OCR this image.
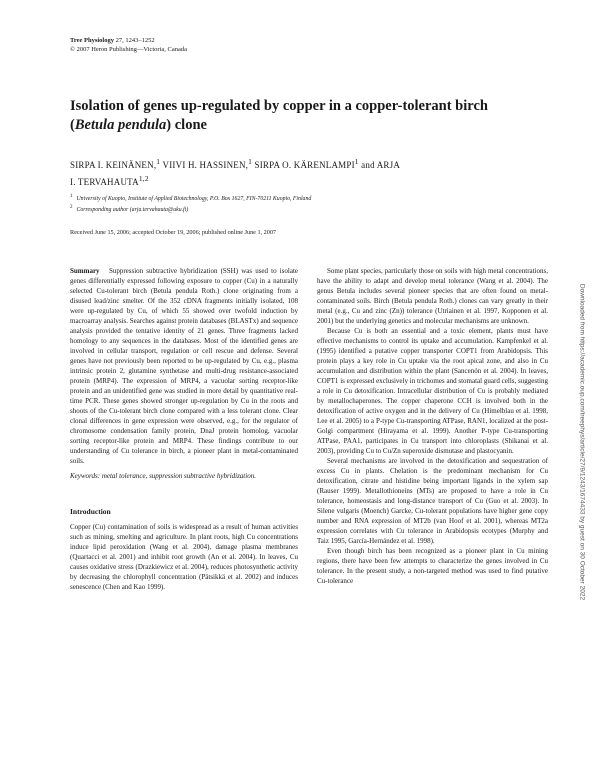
Tree Physiology 27, 1243–1252
© 2007 Heron Publishing—Victoria, Canada
Isolation of genes up-regulated by copper in a copper-tolerant birch
(Betula pendula) clone
SIRPA I. KEINÄNEN,$^1$ VIIVI H. HASSINEN,$^1$ SIRPA O. KÄRENLAMPI$^1$ and ARJA
I. TERVAHAUTA$^{1,2}$
$^1$ University of Kuopio, Institute of Applied Biotechnology, P.O. Box 1627, FIN-70211 Kuopio, Finland
$^2$ Corresponding author (arja.tervahauta@uku.fi)
Received June 15, 2006; accepted October 19, 2006; published online June 1, 2007

Summary Suppression subtractive hybridization (SSH) was used to isolate genes differentially expressed following exposure to copper (Cu) in a naturally selected Cu-tolerant birch (Betula pendula Roth.) clone originating from a disused lead/zinc smelter. Of the 352 cDNA fragments initially isolated, 108 were up-regulated by Cu, of which 55 showed over twofold induction by macroarray analysis. Searches against protein databases (BLASTx) and sequence analysis provided the tentative identity of 21 genes. Three fragments lacked homology to any sequences in the databases. Most of the identified genes are involved in cellular transport, regulation or cell rescue and defense. Several genes have not previously been reported to be up-regulated by Cu, e.g., plasma intrinsic protein 2, glutamine synthetase and multi-drug resistance-associated protein (MRP4). The expression of MRP4, a vacuolar sorting receptor-like protein and an unidentified gene was studied in more detail by quantitative real-time PCR. These genes showed stronger up-regulation by Cu in the roots and shoots of the Cu-tolerant birch clone compared with a less tolerant clone. Clear clonal differences in gene expression were observed, e.g., for the regulator of chromosome condensation family protein, DnaJ protein homolog, vacuolar sorting receptor-like protein and MRP4. These findings contribute to our understanding of Cu tolerance in birch, a pioneer plant in metal-contaminated soils.

Keywords: metal tolerance, suppression subtractive hybridization.

Introduction

Copper (Cu) contamination of soils is widespread as a result of human activities such as mining, smelting and agriculture. In plant roots, high Cu concentrations induce lipid peroxidation (Wang et al. 2004), damage plasma membranes (Quartacci et al. 2001) and inhibit root growth (An et al. 2004). In leaves, Cu causes oxidative stress (Drazkiewicz et al. 2004), reduces photosynthetic activity by decreasing the chlorophyll concentration (Pätsikkä et al. 2002) and induces senescence (Chen and Kao 1999).

Some plant species, particularly those on soils with high metal concentrations, have the ability to adapt and develop metal tolerance (Wang et al. 2004). The genus Betula includes several pioneer species that are often found on metal-contaminated soils. Birch (Betula pendula Roth.) clones can vary greatly in their metal (e.g., Cu and zinc (Zn)) tolerance (Utriainen et al. 1997, Kopponen et al. 2001) but the underlying genetics and molecular mechanisms are unknown.

Because Cu is both an essential and a toxic element, plants must have effective mechanisms to control its uptake and accumulation. Kampfenkel et al. (1995) identified a putative copper transporter COPT1 from Arabidopsis. This protein plays a key role in Cu uptake via the root apical zone, and also in Cu accumulation and distribution within the plant (Sancenón et al. 2004). In leaves, COPT1 is expressed exclusively in trichomes and stomatal guard cells, suggesting a role in Cu detoxification. Intracellular distribution of Cu is probably mediated by metallochaperones. The copper chaperone CCH is involved both in the detoxification of active oxygen and in the delivery of Cu (Himelblau et al. 1998, Lee et al. 2005) to a P-type Cu-transporting ATPase, RAN1, localized at the post-Golgi compartment (Hirayama et al. 1999). Another P-type Cu-transporting ATPase, PAA1, participates in Cu transport into chloroplasts (Shikanai et al. 2003), providing Cu to Cu/Zn superoxide dismutase and plastocyanin.

Several mechanisms are involved in the detoxification and sequestration of excess Cu in plants. Chelation is the predominant mechanism for Cu detoxification, citrate and histidine being important ligands in the xylem sap (Rauser 1999). Metallothioneins (MTs) are proposed to have a role in Cu tolerance, homeostasis and long-distance transport of Cu (Guo et al. 2003). In Silene vulgaris (Moench) Garcke, Cu-tolerant populations have higher gene copy number and RNA expression of MT2b (van Hoof et al. 2001), whereas MT2a expression correlates with Cu tolerance in Arabidopsis ecotypes (Murphy and Taiz 1995, García-Hernández et al. 1998).

Even though birch has been recognized as a pioneer plant in Cu mining regions, there have been few attempts to characterize the genes involved in Cu tolerance. In the present study, a non-targeted method was used to find putative Cu-tolerance	Downloaded from https://academic.oup.com/treephys/article/27/9/1243/1674433 by guest on 30 October 2022
